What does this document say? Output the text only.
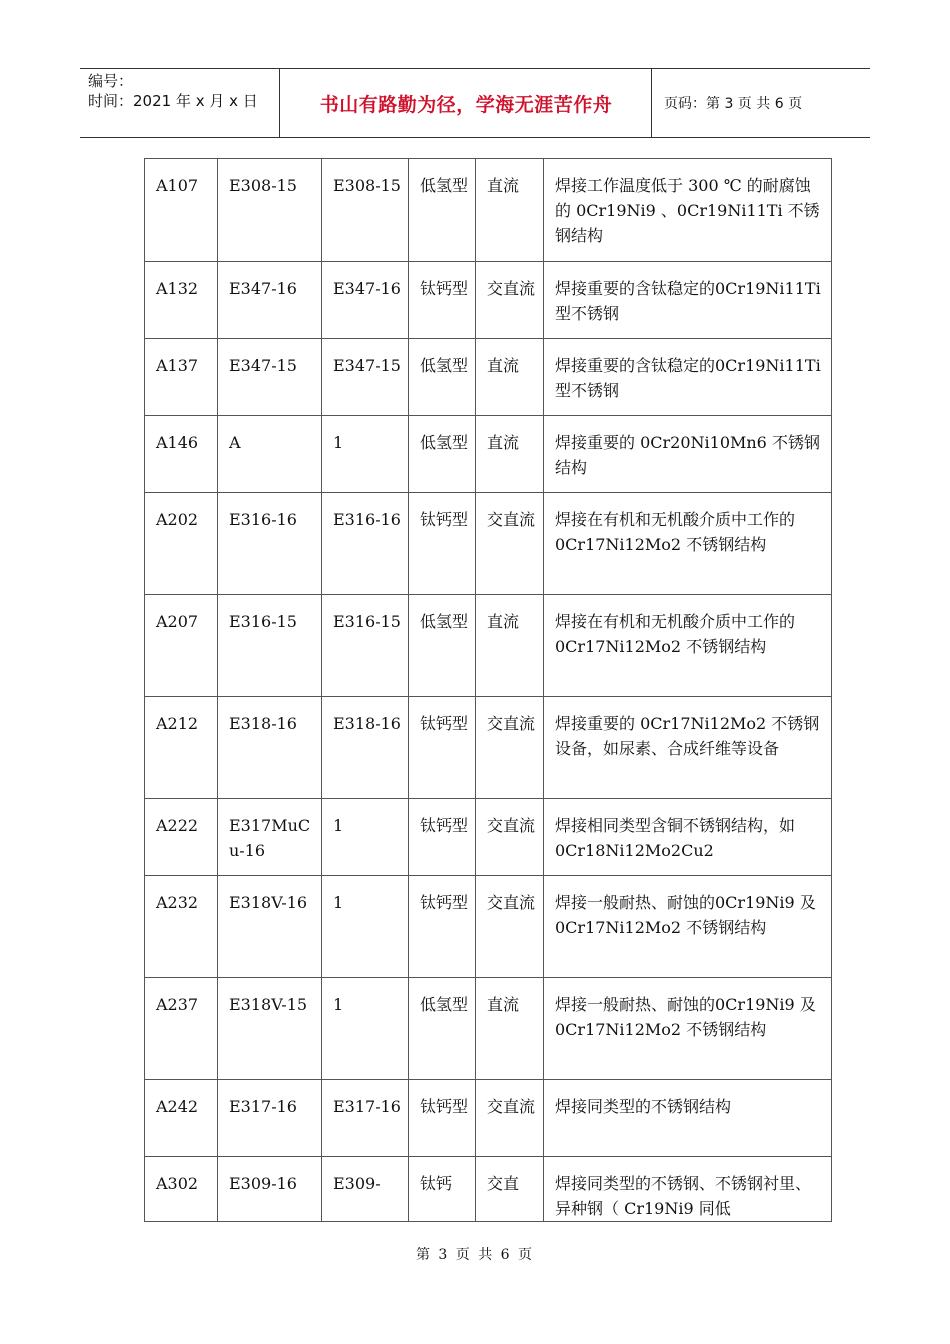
编号：
时间：2021 年 x 月 x 日	书山有路勤为径，学海无涯苦作舟	页码：第 3 页 共 6 页
A107	E308-15	E308-15	低氢型	直流	焊接工作温度低于 300 ℃ 的耐腐蚀的 0Cr19Ni9 、0Cr19Ni11Ti 不锈钢结构
A132	E347-16	E347-16	钛钙型	交直流	焊接重要的含钛稳定的0Cr19Ni11Ti 型不锈钢
A137	E347-15	E347-15	低氢型	直流	焊接重要的含钛稳定的0Cr19Ni11Ti 型不锈钢
A146	A	1	低氢型	直流	焊接重要的 0Cr20Ni10Mn6 不锈钢结构
A202	E316-16	E316-16	钛钙型	交直流	焊接在有机和无机酸介质中工作的 0Cr17Ni12Mo2 不锈钢结构
A207	E316-15	E316-15	低氢型	直流	焊接在有机和无机酸介质中工作的 0Cr17Ni12Mo2 不锈钢结构
A212	E318-16	E318-16	钛钙型	交直流	焊接重要的 0Cr17Ni12Mo2 不锈钢设备，如尿素、合成纤维等设备
A222	E317MuCu-16	1	钛钙型	交直流	焊接相同类型含铜不锈钢结构，如 0Cr18Ni12Mo2Cu2
A232	E318V-16	1	钛钙型	交直流	焊接一般耐热、耐蚀的0Cr19Ni9 及 0Cr17Ni12Mo2 不锈钢结构
A237	E318V-15	1	低氢型	直流	焊接一般耐热、耐蚀的0Cr19Ni9 及 0Cr17Ni12Mo2 不锈钢结构
A242	E317-16	E317-16	钛钙型	交直流	焊接同类型的不锈钢结构
A302	E309-16	E309-	钛钙	交直	焊接同类型的不锈钢、不锈钢衬里、异种钢（ Cr19Ni9 同低
第 3 页 共 6 页
